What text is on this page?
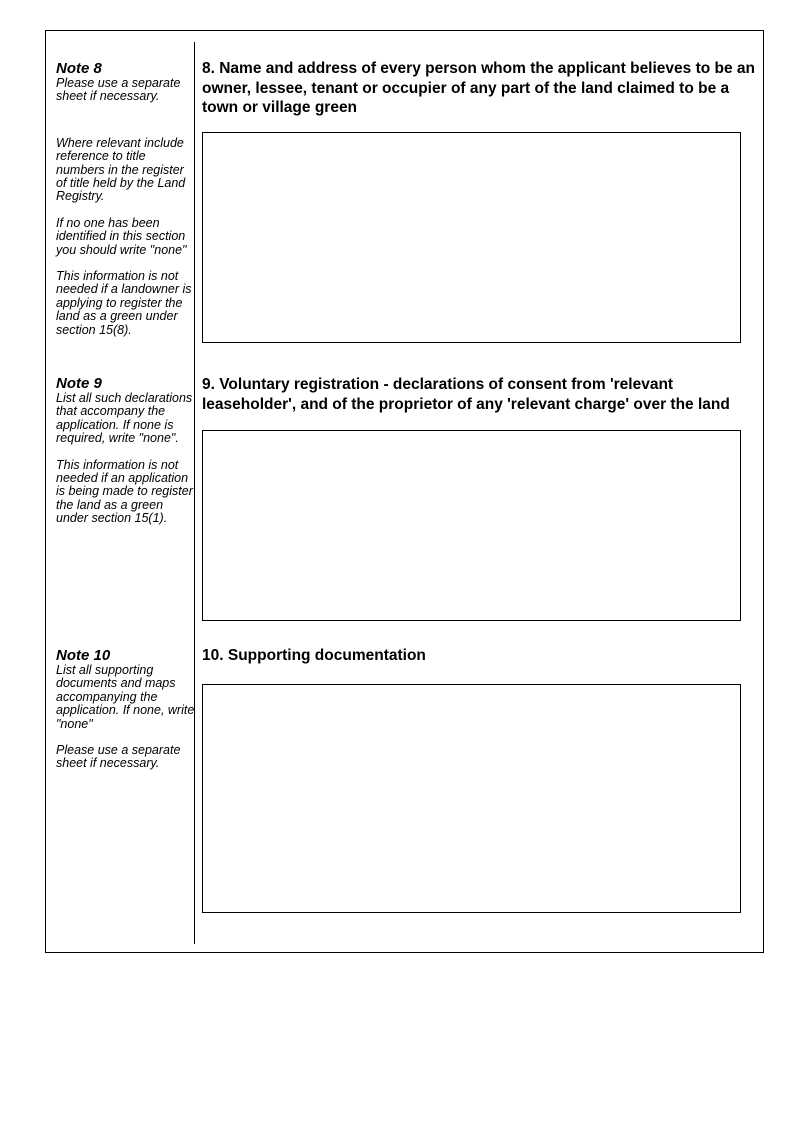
Note 8

Please use a separate sheet if necessary.

Where relevant include reference to title numbers in the register of title held by the Land Registry.

If no one has been identified in this section you should write "none"

This information is not needed if a landowner is applying to register the land as a green under section 15(8).

Note 9

List all such declarations that accompany the application. If none is required, write "none".

This information is not needed if an application is being made to register the land as a green under section 15(1).

Note 10

List all supporting documents and maps accompanying the application. If none, write "none"

Please use a separate sheet if necessary.

8. Name and address of every person whom the applicant believes to be an owner, lessee, tenant or occupier of any part of the land claimed to be a town or village green
9. Voluntary registration - declarations of consent from 'relevant leaseholder', and of the proprietor of any 'relevant charge' over the land
10. Supporting documentation
